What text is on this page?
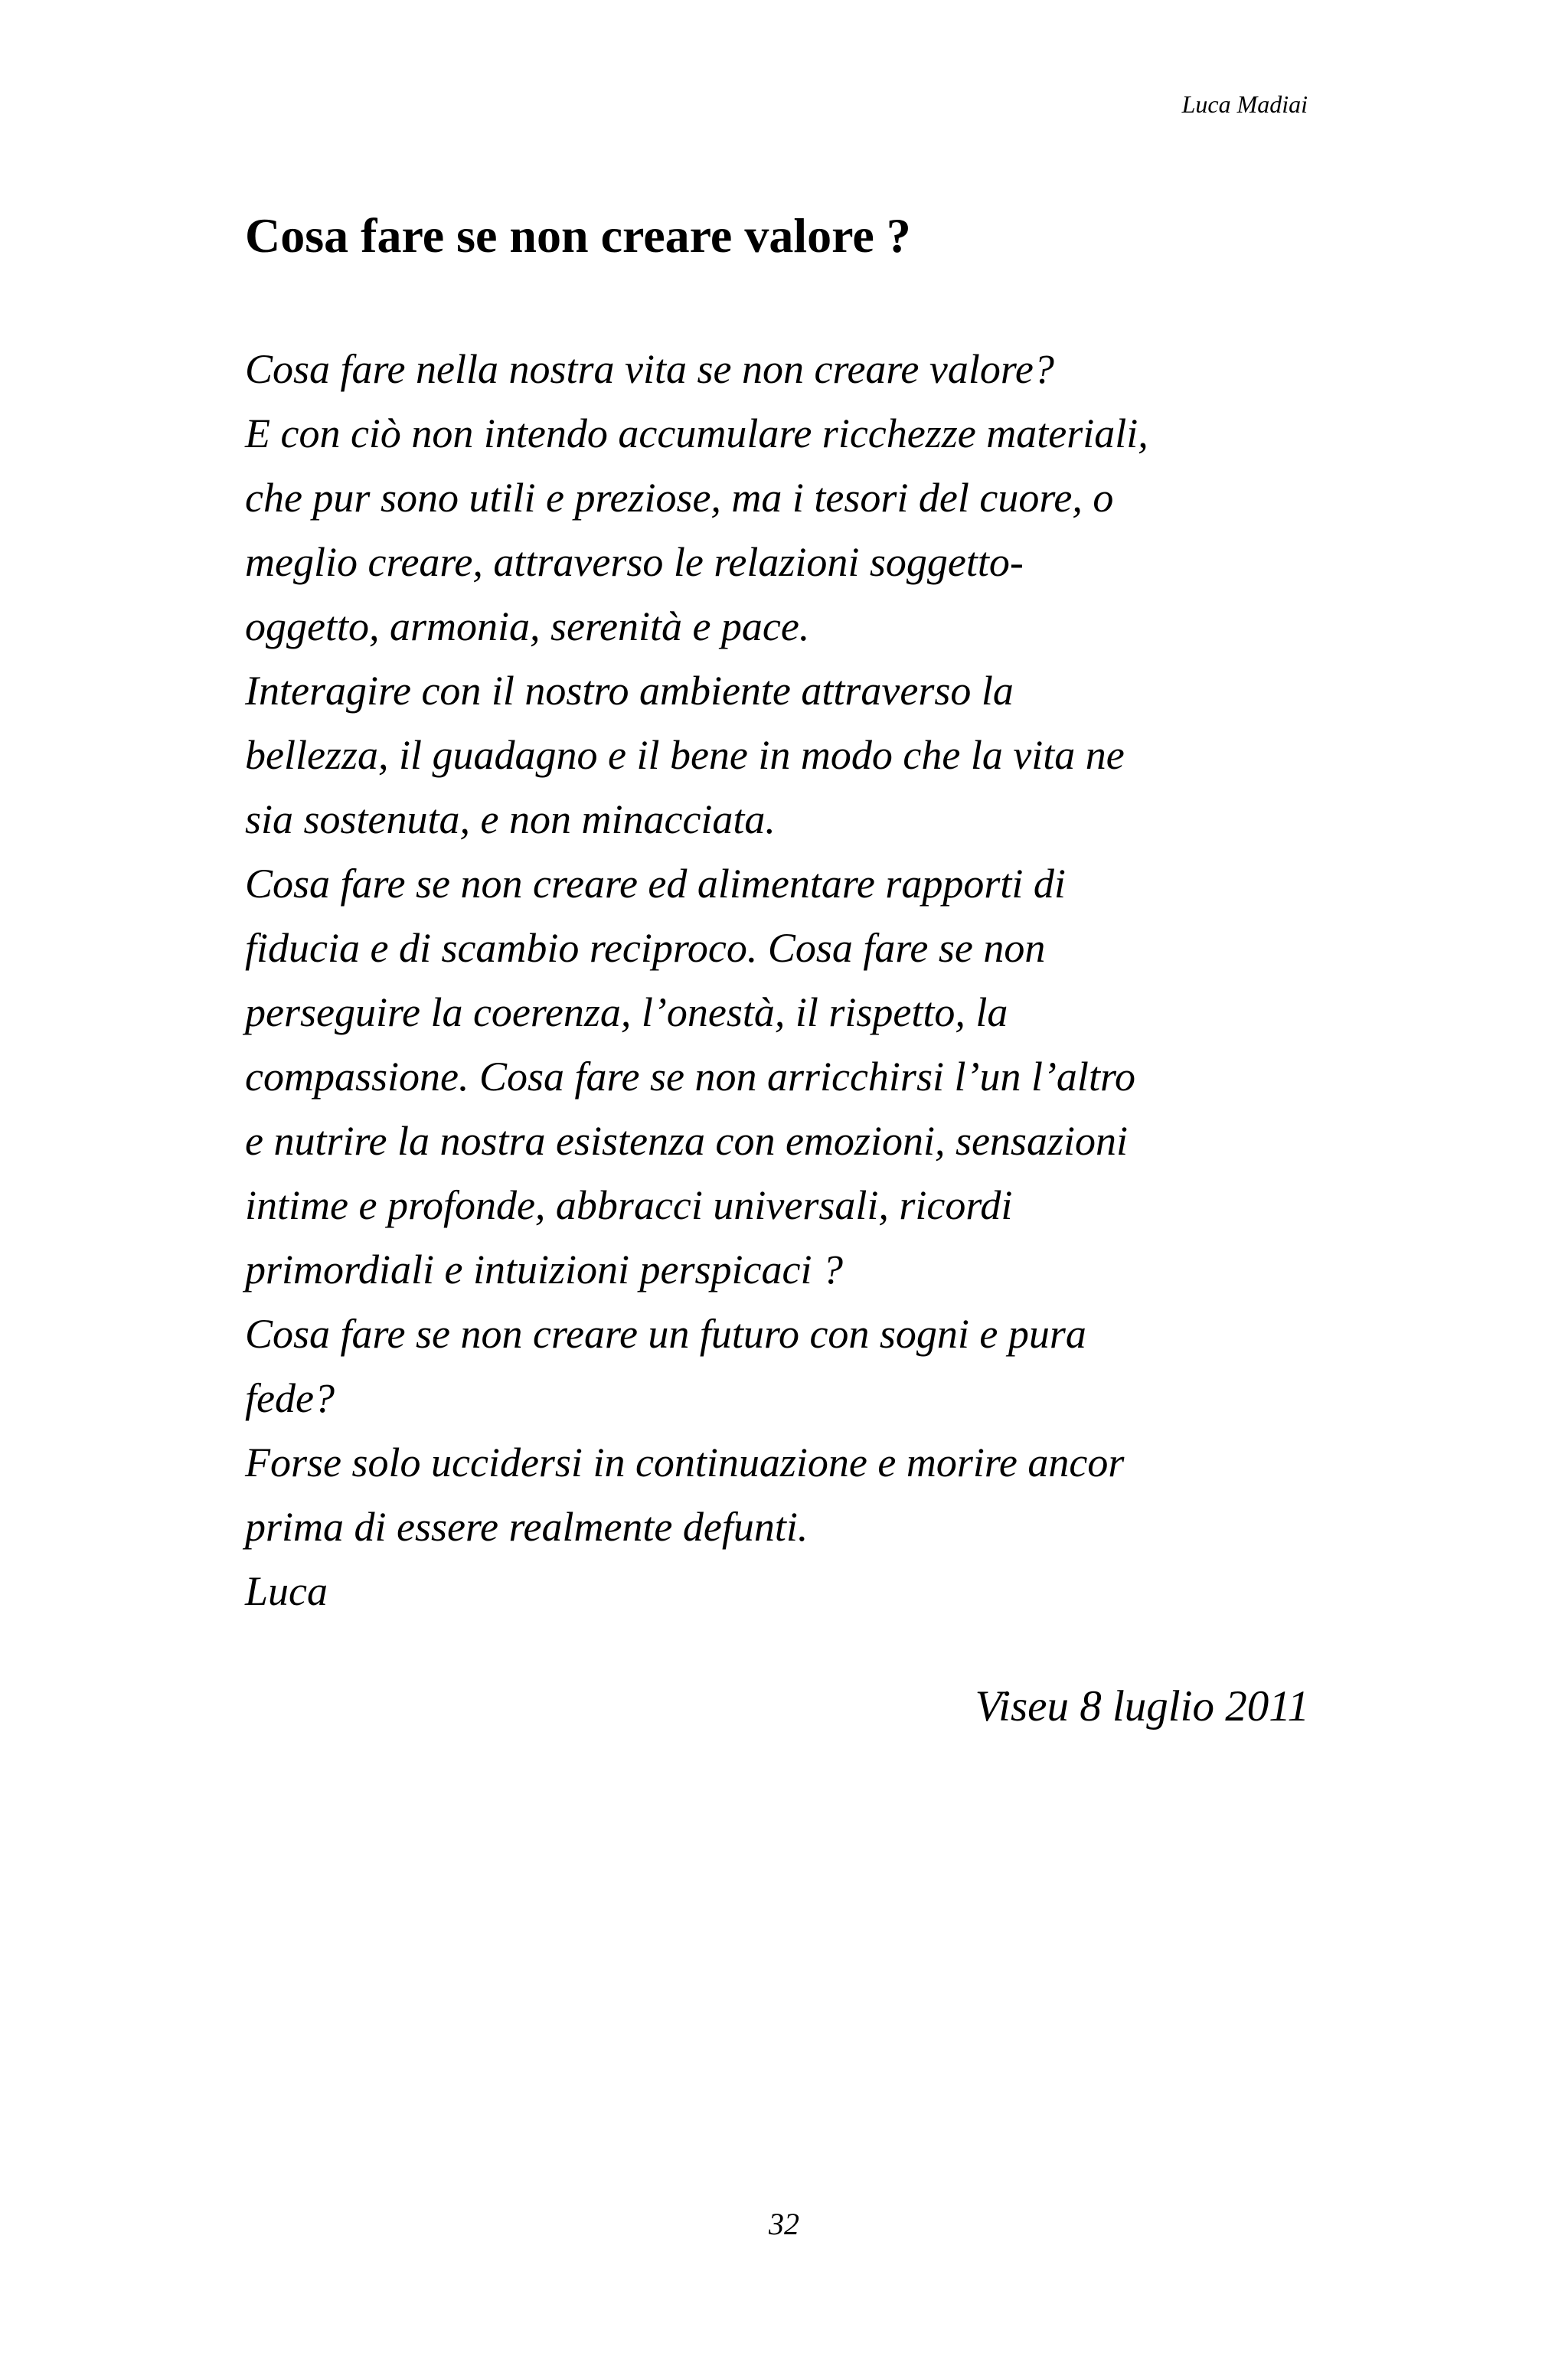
Luca Madiai
Cosa fare se non creare valore ?
Cosa fare nella nostra vita se non creare valore?
E con ciò non intendo accumulare ricchezze materiali,
che pur sono utili e preziose, ma i tesori del cuore, o
meglio creare, attraverso le relazioni soggetto-
oggetto, armonia, serenità e pace.
Interagire con il nostro ambiente attraverso la
bellezza, il guadagno e il bene in modo che la vita ne
sia sostenuta, e non minacciata.
Cosa fare se non creare ed alimentare rapporti di
fiducia e di scambio reciproco. Cosa fare se non
perseguire la coerenza, l’onestà, il rispetto, la
compassione. Cosa fare se non arricchirsi l’un l’altro
e nutrire la nostra esistenza con emozioni, sensazioni
intime e profonde, abbracci universali, ricordi
primordiali e intuizioni perspicaci ?
Cosa fare se non creare un futuro con sogni e pura
fede?
Forse solo uccidersi in continuazione e morire ancor
prima di essere realmente defunti.
Luca
Viseu 8 luglio 2011
32
